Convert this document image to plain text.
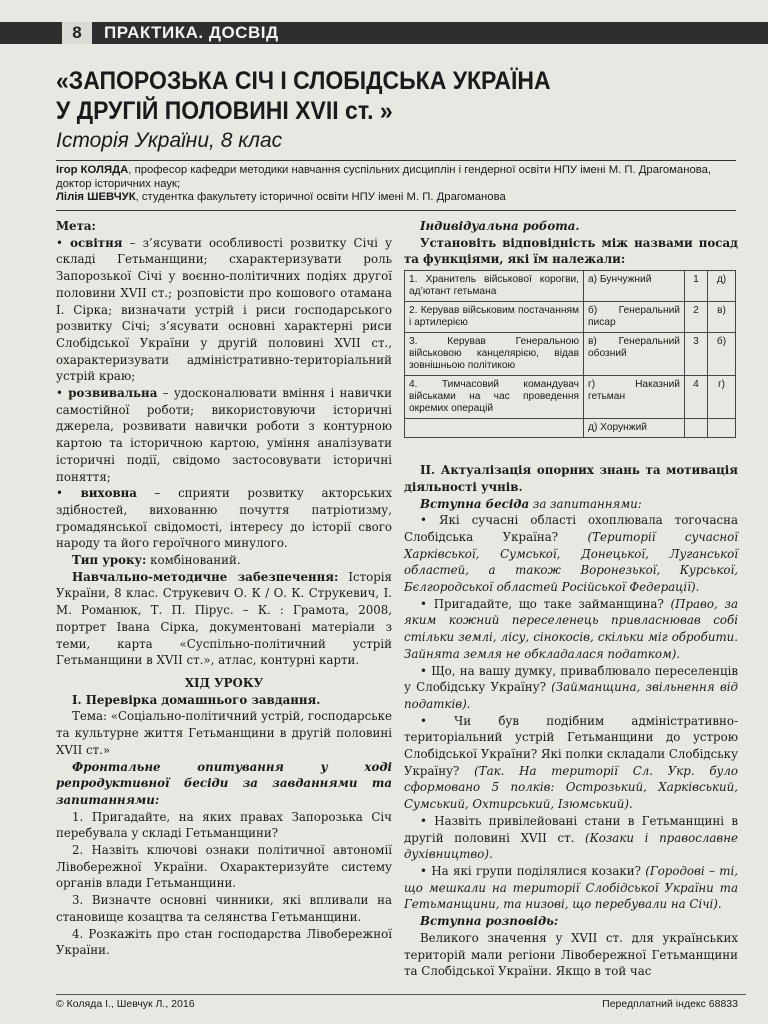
8	ПРАКТИКА. ДОСВІД
«ЗАПОРОЗЬКА СІЧ І СЛОБІДСЬКА УКРАЇНА
У ДРУГІЙ ПОЛОВИНІ XVII ст. »
Історія України, 8 клас
Ігор КОЛЯДА, професор кафедри методики навчання суспільних дисциплін і гендерної освіти НПУ імені М. П. Драгоманова, доктор історичних наук;
Лілія ШЕВЧУК, студентка факультету історичної освіти НПУ імені М. П. Драгоманова

Мета:

• освітня – з’ясувати особливості розвитку Січі у складі Гетьманщини; схарактеризувати роль Запорозької Січі у воєнно-політичних подіях другої половини XVII ст.; розповісти про кошового отамана І. Сірка; визначати устрій і риси господарського розвитку Січі; з’ясувати основні характерні риси Слобідської України у другій половині XVII ст., охарактеризувати адміністративно-територіальний устрій краю;

• розвивальна – удосконалювати вміння і навички самостійної роботи; використовуючи історичні джерела, розвивати навички роботи з контурною картою та історичною картою, уміння аналізувати історичні події, свідомо застосовувати історичні поняття;

• виховна – сприяти розвитку акторських здібностей, вихованню почуття патріотизму, громадянської свідомості, інтересу до історії свого народу та його героїчного минулого.

Тип уроку: комбінований.

Навчально-методичне забезпечення: Історія України, 8 клас. Струкевич О. К / О. К. Струкевич, І. М. Романюк, Т. П. Пірус. – К. : Грамота, 2008, портрет Івана Сірка, документовані матеріали з теми, карта «Суспільно-політичний устрій Гетьманщини в XVII ст.», атлас, контурні карти.

ХІД УРОКУ

І. Перевірка домашнього завдання.

Тема: «Соціально-політичний устрій, господарське та культурне життя Гетьманщини в другій половині XVII ст.»

Фронтальне опитування у ході репродуктивної бесіди за завданнями та запитаннями:

1. Пригадайте, на яких правах Запорозька Січ перебувала у складі Гетьманщини?

2. Назвіть ключові ознаки політичної автономії Лівобережної України. Охарактеризуйте систему органів влади Гетьманщини.

3. Визначте основні чинники, які впливали на становище козацтва та селянства Гетьманщини.

4. Розкажіть про стан господарства Лівобережної України.

Індивідуальна робота.

Установіть відповідність між назвами посад та функціями, які їм належали:

1. Хранитель військової корогви, ад’ютант гетьмана	а) Бунчужний	1	д)
2. Керував військовим постачанням і артилерією	б) Генеральний писар	2	в)
3. Керував Генеральною військовою канцелярією, відав зовнішньою політикою	в) Генеральний обозний	3	б)
4. Тимчасовий командувач військами на час проведення окремих операцій	г) Наказний гетьман	4	г)
	д) Хорунжий		

ІІ. Актуалізація опорних знань та мотивація діяльності учнів.

Вступна бесіда за запитаннями:

• Які сучасні області охоплювала тогочасна Слобідська Україна? (Території сучасної Харківської, Сумської, Донецької, Луганської областей, а також Воронезької, Курської, Бєлгородської областей Російської Федерації).

• Пригадайте, що таке займанщина? (Право, за яким кожний переселенець привласнював собі стільки землі, лісу, сінокосів, скільки міг обробити. Зайнята земля не обкладалася податком).

• Що, на вашу думку, приваблювало переселенців у Слобідську Україну? (Займанщина, звільнення від податків).

• Чи був подібним адміністративно-територіальний устрій Гетьманщини до устрою Слобідської України? Які полки складали Слобідську Україну? (Так. На території Сл. Укр. було сформовано 5 полків: Острозький, Харківський, Сумський, Охтирський, Ізюмський).

• Назвіть привілейовані стани в Гетьманщині в другій половині XVII ст. (Козаки і православне духівництво).

• На які групи поділялися козаки? (Городові – ті, що мешкали на території Слобідської України та Гетьманщини, та низові, що перебували на Січі).

Вступна розповідь:

Великого значення у XVII ст. для українських територій мали регіони Лівобережної Гетьманщини та Слобідської України. Якщо в той час

© Коляда І., Шевчук Л., 2016	Передплатний індекс 68833
